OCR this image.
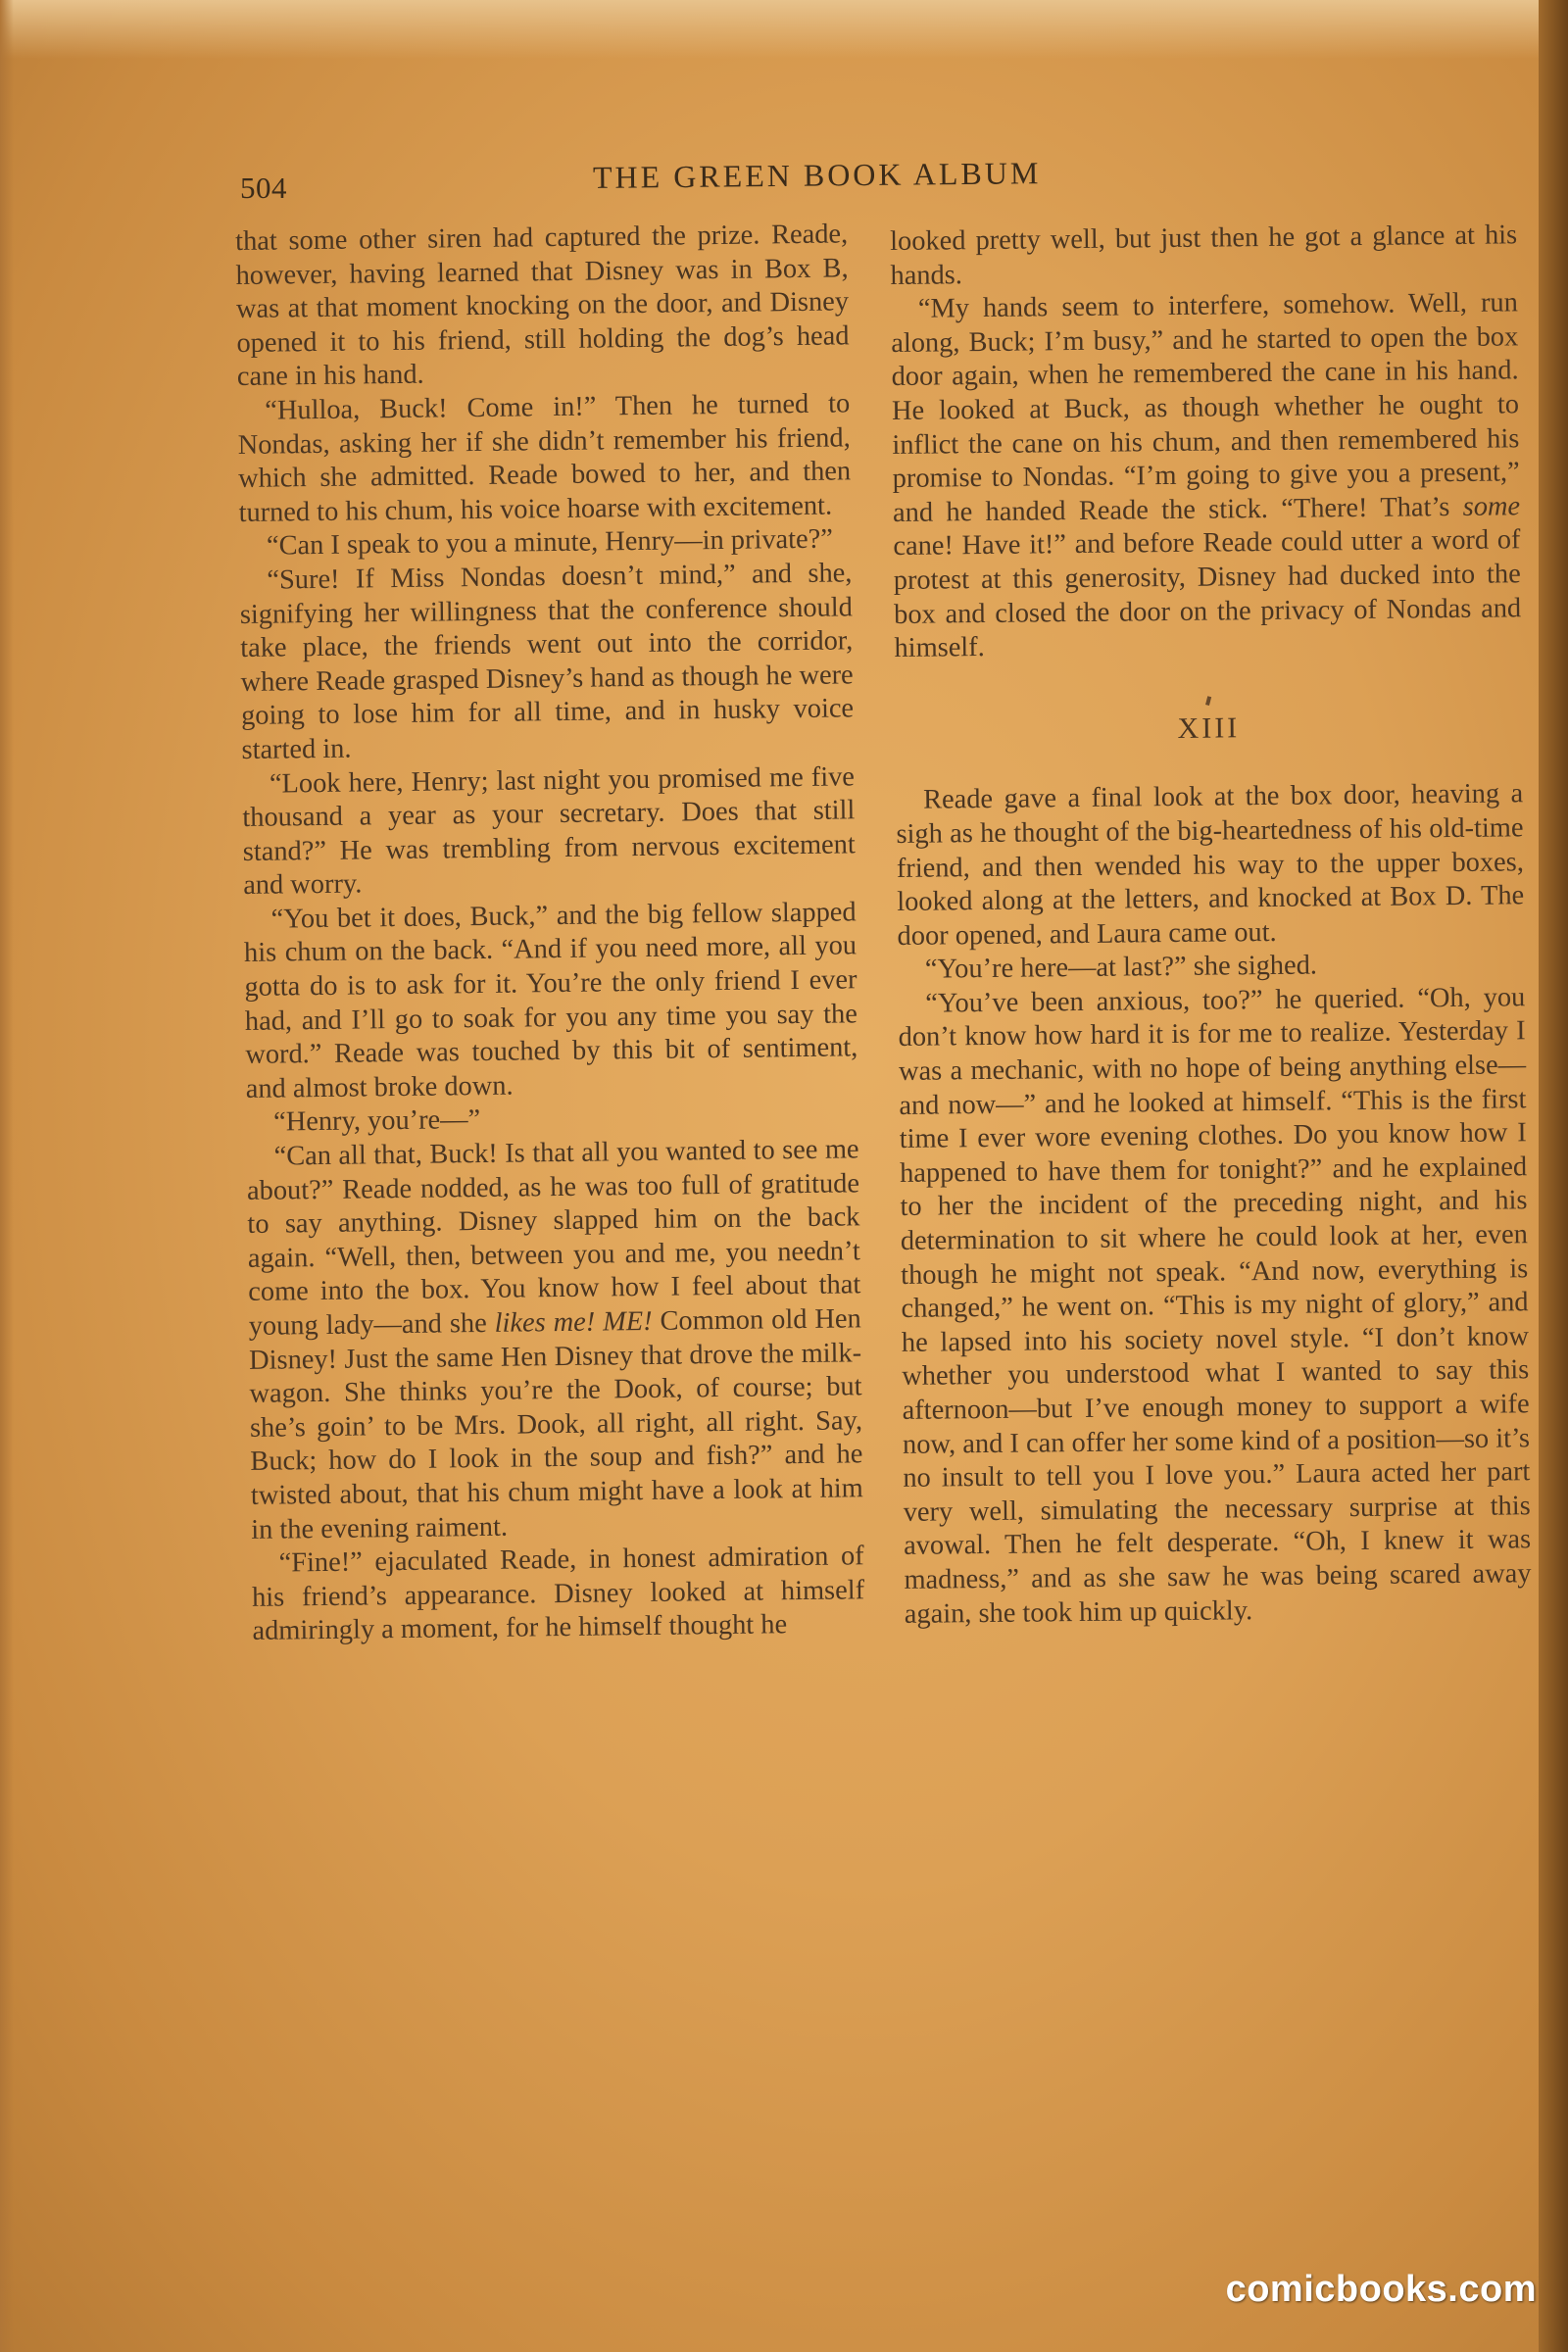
504	THE GREEN BOOK ALBUM

that some other siren had captured the prize. Reade, however, having learned that Disney was in Box B, was at that moment knocking on the door, and Disney opened it to his friend, still holding the dog’s head cane in his hand.

“Hulloa, Buck! Come in!” Then he turned to Nondas, asking her if she didn’t remember his friend, which she admitted. Reade bowed to her, and then turned to his chum, his voice hoarse with excitement.

“Can I speak to you a minute, Henry—in private?”

“Sure! If Miss Nondas doesn’t mind,” and she, signifying her willingness that the conference should take place, the friends went out into the corridor, where Reade grasped Disney’s hand as though he were going to lose him for all time, and in husky voice started in.

“Look here, Henry; last night you promised me five thousand a year as your secretary. Does that still stand?” He was trembling from nervous excitement and worry.

“You bet it does, Buck,” and the big fellow slapped his chum on the back. “And if you need more, all you gotta do is to ask for it. You’re the only friend I ever had, and I’ll go to soak for you any time you say the word.” Reade was touched by this bit of sentiment, and almost broke down.

“Henry, you’re—”

“Can all that, Buck! Is that all you wanted to see me about?” Reade nodded, as he was too full of gratitude to say anything. Disney slapped him on the back again. “Well, then, between you and me, you needn’t come into the box. You know how I feel about that young lady—and she likes me! ME! Common old Hen Disney! Just the same Hen Disney that drove the milk-wagon. She thinks you’re the Dook, of course; but she’s goin’ to be Mrs. Dook, all right, all right. Say, Buck; how do I look in the soup and fish?” and he twisted about, that his chum might have a look at him in the evening raiment.

“Fine!” ejaculated Reade, in honest admiration of his friend’s appearance. Disney looked at himself admiringly a moment, for he himself thought he

looked pretty well, but just then he got a glance at his hands.

“My hands seem to interfere, somehow. Well, run along, Buck; I’m busy,” and he started to open the box door again, when he remembered the cane in his hand. He looked at Buck, as though whether he ought to inflict the cane on his chum, and then remembered his promise to Nondas. “I’m going to give you a present,” and he handed Reade the stick. “There! That’s some cane! Have it!” and before Reade could utter a word of protest at this generosity, Disney had ducked into the box and closed the door on the privacy of Nondas and himself.

XIII

Reade gave a final look at the box door, heaving a sigh as he thought of the big-heartedness of his old-time friend, and then wended his way to the upper boxes, looked along at the letters, and knocked at Box D. The door opened, and Laura came out.

“You’re here—at last?” she sighed.

“You’ve been anxious, too?” he queried. “Oh, you don’t know how hard it is for me to realize. Yesterday I was a mechanic, with no hope of being anything else—and now—” and he looked at himself. “This is the first time I ever wore evening clothes. Do you know how I happened to have them for tonight?” and he explained to her the incident of the preceding night, and his determination to sit where he could look at her, even though he might not speak. “And now, everything is changed,” he went on. “This is my night of glory,” and he lapsed into his society novel style. “I don’t know whether you understood what I wanted to say this afternoon—but I’ve enough money to support a wife now, and I can offer her some kind of a position—so it’s no insult to tell you I love you.” Laura acted her part very well, simulating the necessary surprise at this avowal. Then he felt desperate. “Oh, I knew it was madness,” and as she saw he was being scared away again, she took him up quickly.

comicbooks.com
